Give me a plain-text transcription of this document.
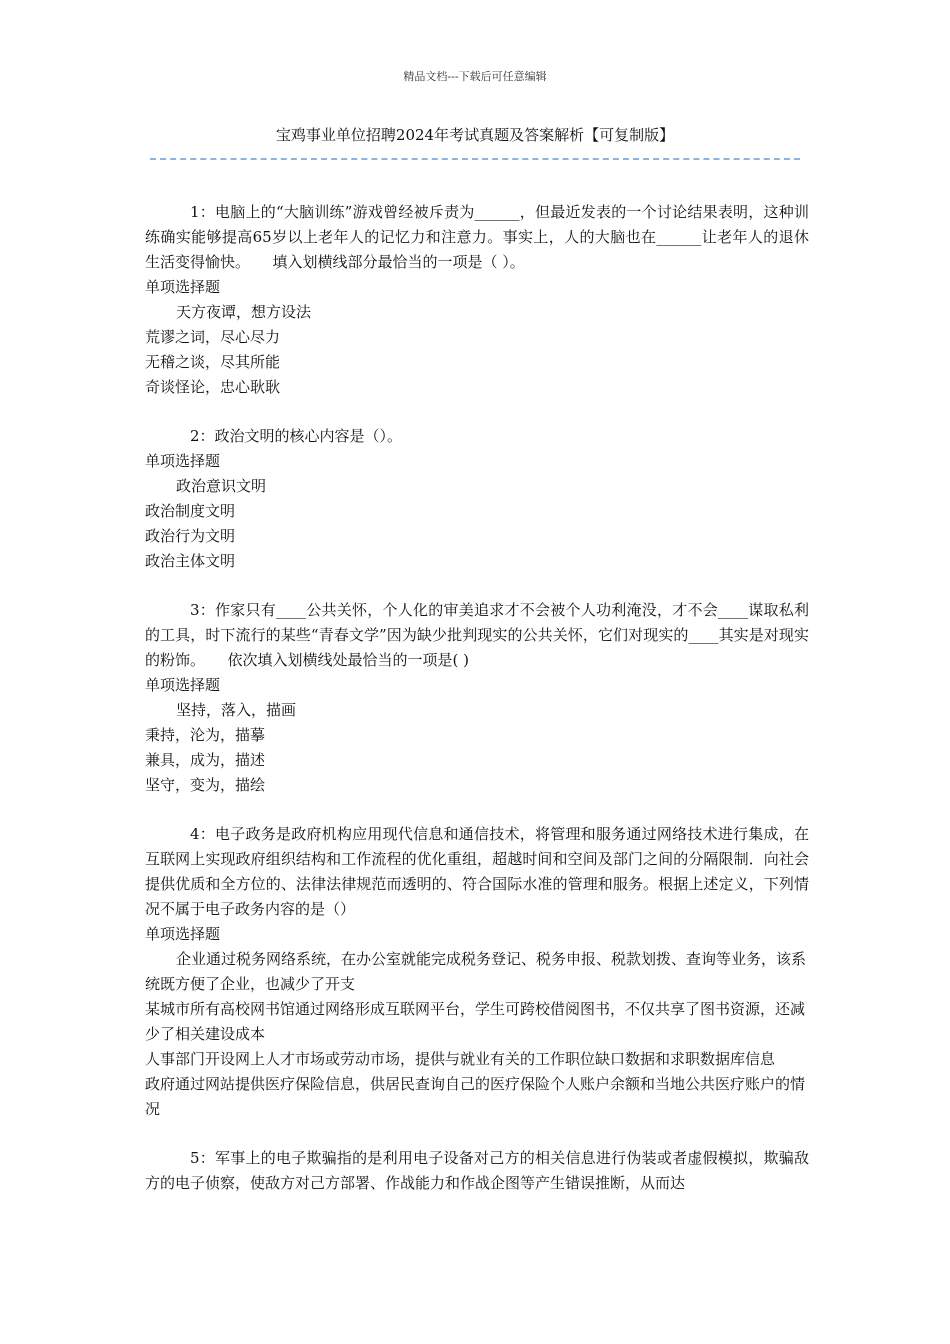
精品文档---下载后可任意编辑
宝鸡事业单位招聘2024年考试真题及答案解析【可复制版】

1：电脑上的“大脑训练”游戏曾经被斥责为______，但最近发表的一个讨论结果表明，这种训练确实能够提高65岁以上老年人的记忆力和注意力。事实上，人的大脑也在______让老年人的退休生活变得愉快。　　填入划横线部分最恰当的一项是（ ）。

单项选择题

天方夜谭，想方设法

荒谬之词，尽心尽力

无稽之谈，尽其所能

奇谈怪论，忠心耿耿

2：政治文明的核心内容是（）。

单项选择题

政治意识文明

政治制度文明

政治行为文明

政治主体文明

3：作家只有____公共关怀，个人化的审美追求才不会被个人功利淹没，才不会____谋取私利的工具，时下流行的某些“青春文学”因为缺少批判现实的公共关怀，它们对现实的____其实是对现实的粉饰。　　依次填入划横线处最恰当的一项是( )

单项选择题

坚持，落入，描画

秉持，沦为，描摹

兼具，成为，描述

坚守，变为，描绘

4：电子政务是政府机构应用现代信息和通信技术，将管理和服务通过网络技术进行集成，在互联网上实现政府组织结构和工作流程的优化重组，超越时间和空间及部门之间的分隔限制．向社会提供优质和全方位的、法律法律规范而透明的、符合国际水准的管理和服务。根据上述定义，下列情况不属于电子政务内容的是（）

单项选择题

企业通过税务网络系统，在办公室就能完成税务登记、税务申报、税款划拨、查询等业务，该系统既方便了企业，也减少了开支

某城市所有高校网书馆通过网络形成互联网平台，学生可跨校借阅图书，不仅共享了图书资源，还减少了相关建设成本

人事部门开设网上人才市场或劳动市场，提供与就业有关的工作职位缺口数据和求职数据库信息

政府通过网站提供医疗保险信息，供居民查询自己的医疗保险个人账户余额和当地公共医疗账户的情况

5：军事上的电子欺骗指的是利用电子设备对己方的相关信息进行伪装或者虚假模拟，欺骗敌方的电子侦察，使敌方对己方部署、作战能力和作战企图等产生错误推断，从而达
